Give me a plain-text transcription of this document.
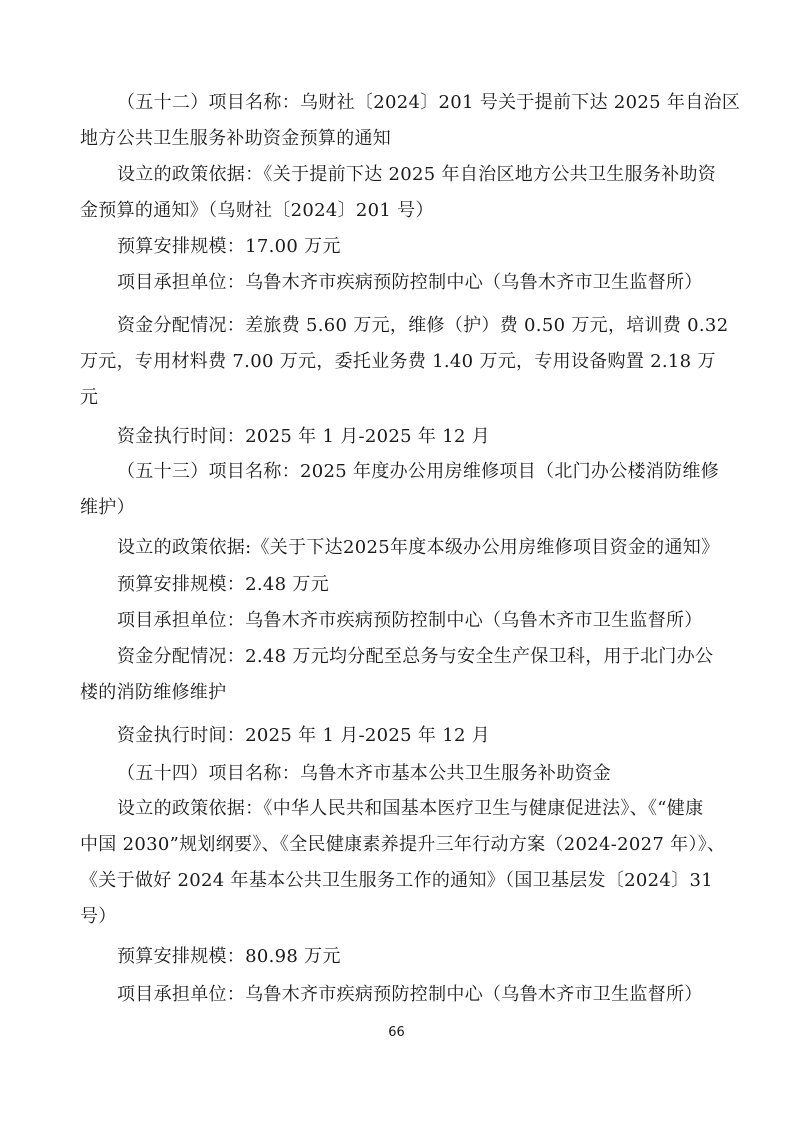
（五十二）项目名称：乌财社〔2024〕201 号关于提前下达 2025 年自治区
地方公共卫生服务补助资金预算的通知
设立的政策依据：《关于提前下达 2025 年自治区地方公共卫生服务补助资
金预算的通知》（乌财社〔2024〕201 号）
预算安排规模：17.00 万元
项目承担单位：乌鲁木齐市疾病预防控制中心（乌鲁木齐市卫生监督所）
资金分配情况：差旅费 5.60 万元，维修（护）费 0.50 万元，培训费 0.32
万元，专用材料费 7.00 万元，委托业务费 1.40 万元，专用设备购置 2.18 万
元
资金执行时间：2025 年 1 月-2025 年 12 月
（五十三）项目名称：2025 年度办公用房维修项目（北门办公楼消防维修
维护）
设立的政策依据:《关于下达2025年度本级办公用房维修项目资金的通知》
预算安排规模：2.48 万元
项目承担单位：乌鲁木齐市疾病预防控制中心（乌鲁木齐市卫生监督所）
资金分配情况：2.48 万元均分配至总务与安全生产保卫科，用于北门办公
楼的消防维修维护
资金执行时间：2025 年 1 月-2025 年 12 月
（五十四）项目名称：乌鲁木齐市基本公共卫生服务补助资金
设立的政策依据：《中华人民共和国基本医疗卫生与健康促进法》、《“健康
中国 2030”规划纲要》、《全民健康素养提升三年行动方案（2024-2027 年）》、
《关于做好 2024 年基本公共卫生服务工作的通知》（国卫基层发〔2024〕31
号）
预算安排规模：80.98 万元
项目承担单位：乌鲁木齐市疾病预防控制中心（乌鲁木齐市卫生监督所）
66
